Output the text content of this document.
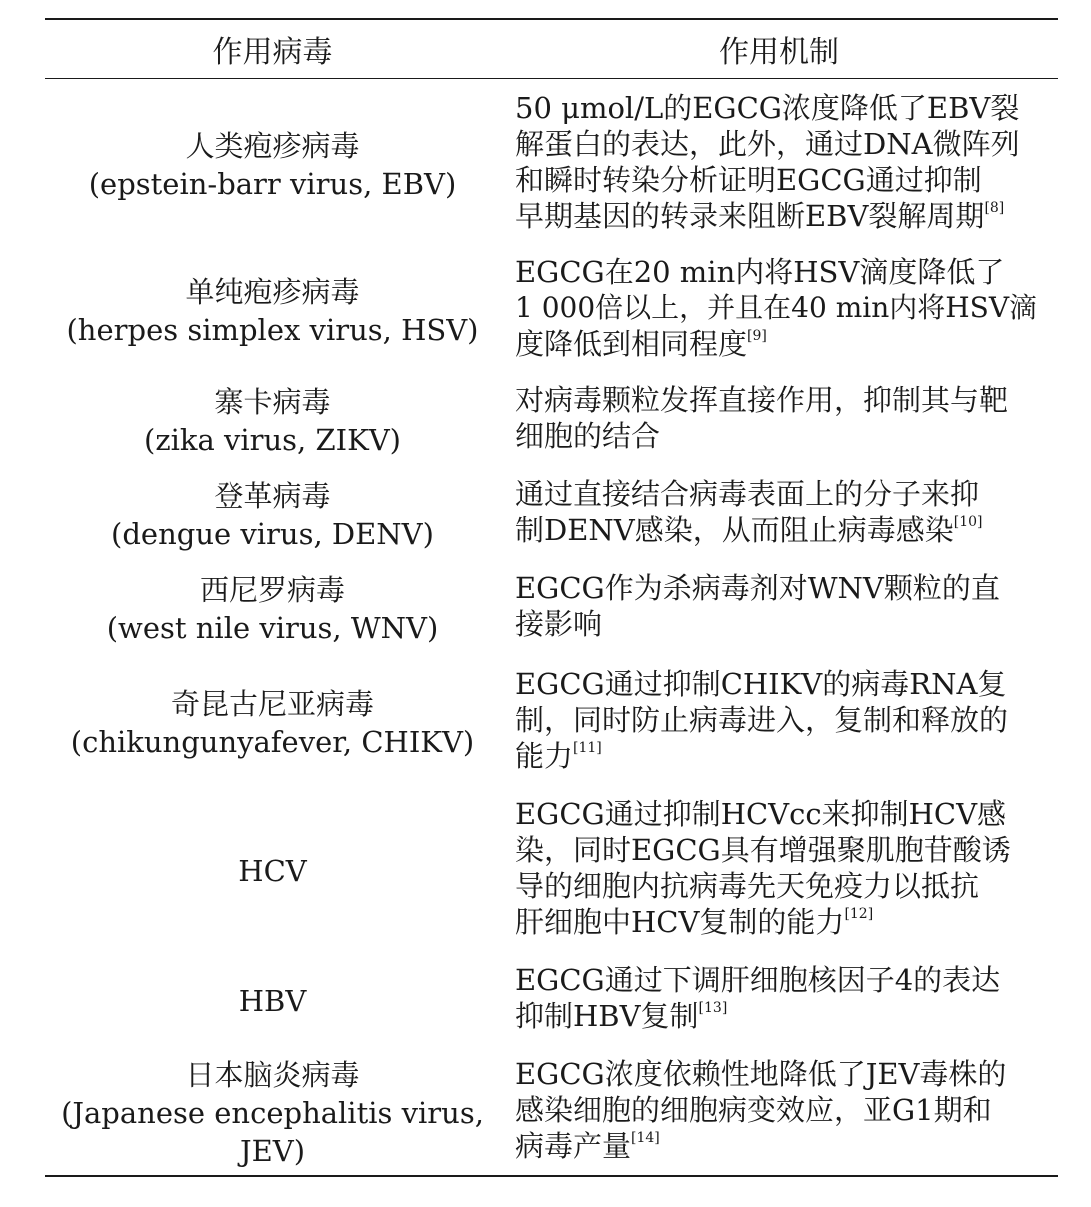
作用病毒	作用机制
人类疱疹病毒
(epstein-barr virus, EBV)
50 μmol/L的EGCG浓度降低了EBV裂
解蛋白的表达，此外，通过DNA微阵列
和瞬时转染分析证明EGCG通过抑制
早期基因的转录来阻断EBV裂解周期[8]
单纯疱疹病毒
(herpes simplex virus, HSV)
EGCG在20 min内将HSV滴度降低了
1 000倍以上，并且在40 min内将HSV滴
度降低到相同程度[9]
寨卡病毒
(zika virus, ZIKV)
对病毒颗粒发挥直接作用，抑制其与靶
细胞的结合
登革病毒
(dengue virus, DENV)
通过直接结合病毒表面上的分子来抑
制DENV感染，从而阻止病毒感染[10]
西尼罗病毒
(west nile virus, WNV)
EGCG作为杀病毒剂对WNV颗粒的直
接影响
奇昆古尼亚病毒
(chikungunyafever, CHIKV)
EGCG通过抑制CHIKV的病毒RNA复
制，同时防止病毒进入，复制和释放的
能力[11]
HCV
EGCG通过抑制HCVcc来抑制HCV感
染，同时EGCG具有增强聚肌胞苷酸诱
导的细胞内抗病毒先天免疫力以抵抗
肝细胞中HCV复制的能力[12]
HBV
EGCG通过下调肝细胞核因子4的表达
抑制HBV复制[13]
日本脑炎病毒
(Japanese encephalitis virus, JEV)
EGCG浓度依赖性地降低了JEV毒株的
感染细胞的细胞病变效应，亚G1期和
病毒产量[14]
